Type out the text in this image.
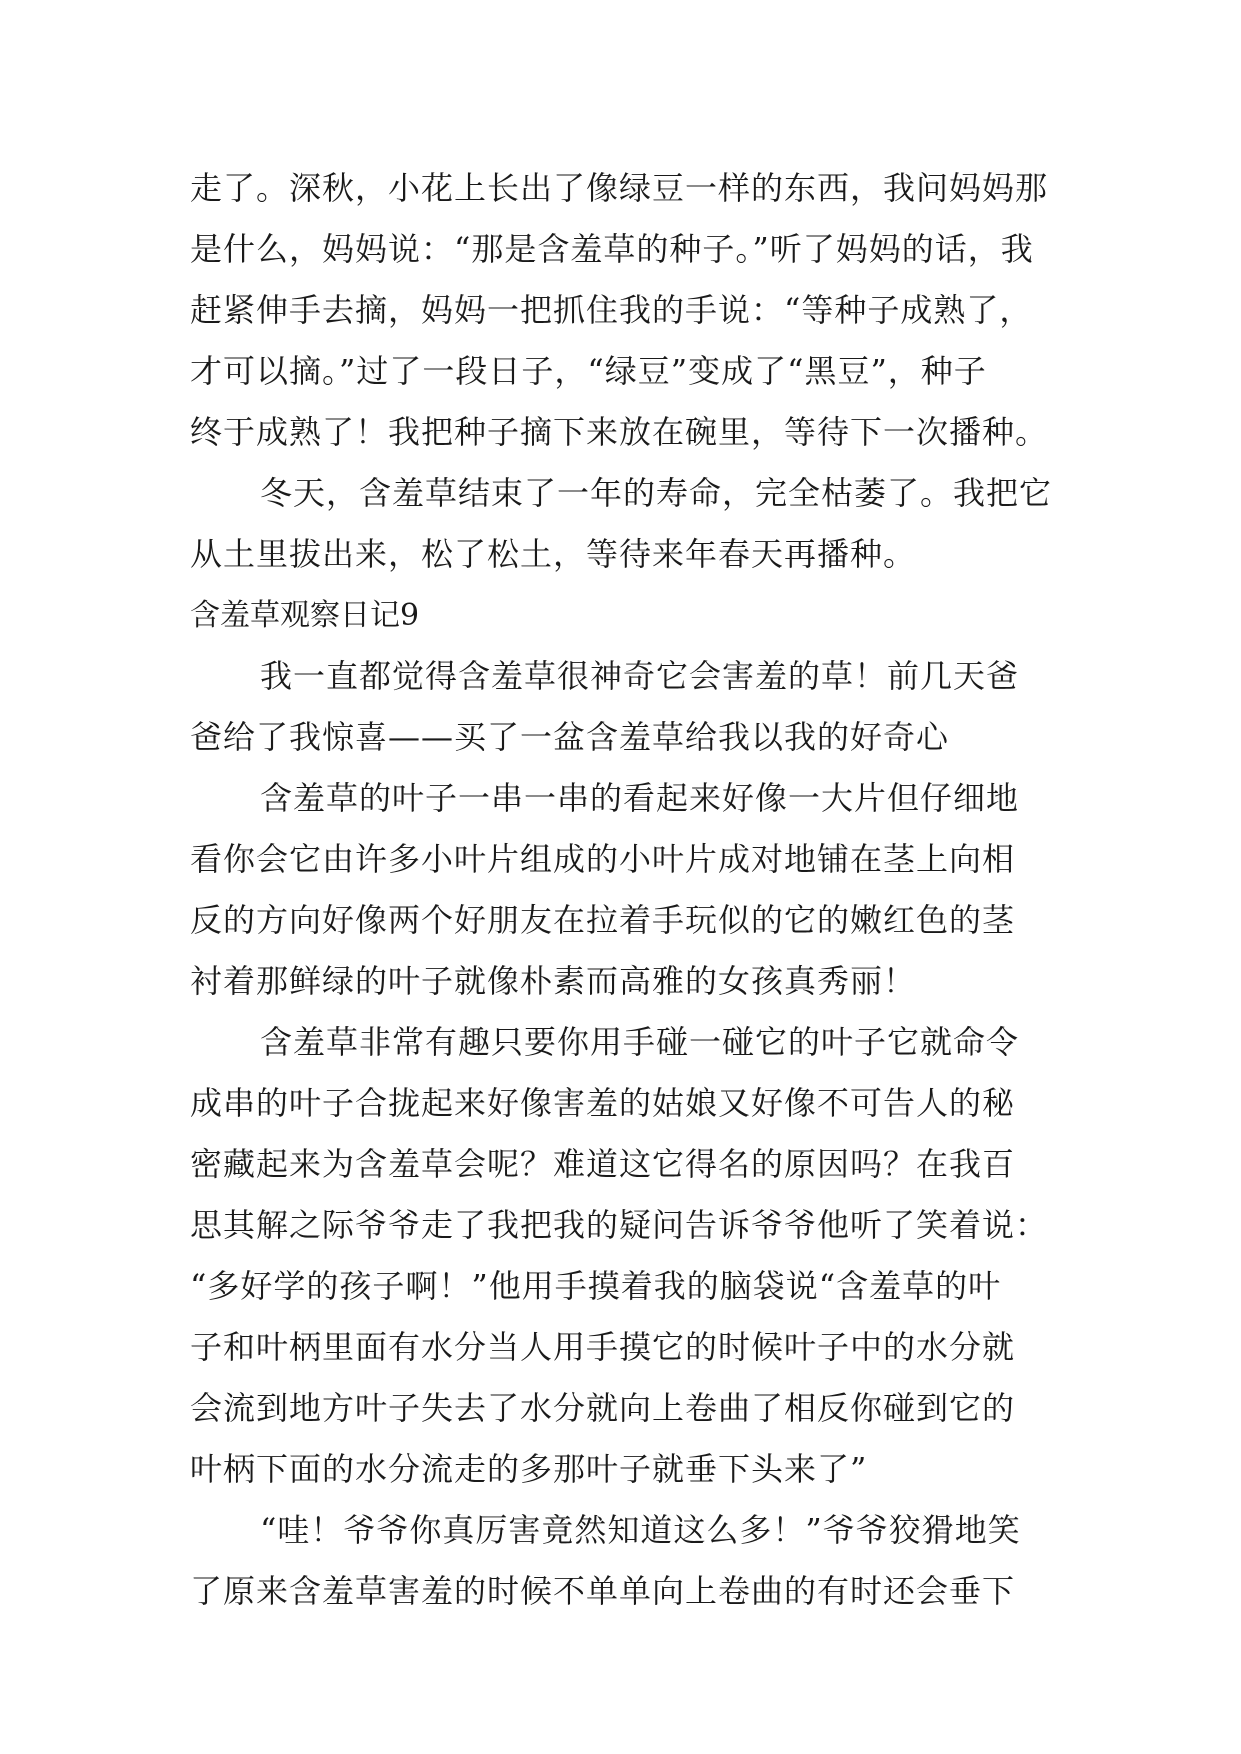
走了。深秋，小花上长出了像绿豆一样的东西，我问妈妈那
是什么，妈妈说：“那是含羞草的种子。”听了妈妈的话，我
赶紧伸手去摘，妈妈一把抓住我的手说：“等种子成熟了，
才可以摘。”过了一段日子，“绿豆”变成了“黑豆”，种子
终于成熟了！我把种子摘下来放在碗里，等待下一次播种。
冬天，含羞草结束了一年的寿命，完全枯萎了。我把它
从土里拔出来，松了松土，等待来年春天再播种。
含羞草观察日记9
我一直都觉得含羞草很神奇它会害羞的草！前几天爸
爸给了我惊喜——买了一盆含羞草给我以我的好奇心
含羞草的叶子一串一串的看起来好像一大片但仔细地
看你会它由许多小叶片组成的小叶片成对地铺在茎上向相
反的方向好像两个好朋友在拉着手玩似的它的嫩红色的茎
衬着那鲜绿的叶子就像朴素而高雅的女孩真秀丽！
含羞草非常有趣只要你用手碰一碰它的叶子它就命令
成串的叶子合拢起来好像害羞的姑娘又好像不可告人的秘
密藏起来为含羞草会呢？难道这它得名的原因吗？在我百
思其解之际爷爷走了我把我的疑问告诉爷爷他听了笑着说：
“多好学的孩子啊！”他用手摸着我的脑袋说“含羞草的叶
子和叶柄里面有水分当人用手摸它的时候叶子中的水分就
会流到地方叶子失去了水分就向上卷曲了相反你碰到它的
叶柄下面的水分流走的多那叶子就垂下头来了”
“哇！爷爷你真厉害竟然知道这么多！”爷爷狡猾地笑
了原来含羞草害羞的时候不单单向上卷曲的有时还会垂下
